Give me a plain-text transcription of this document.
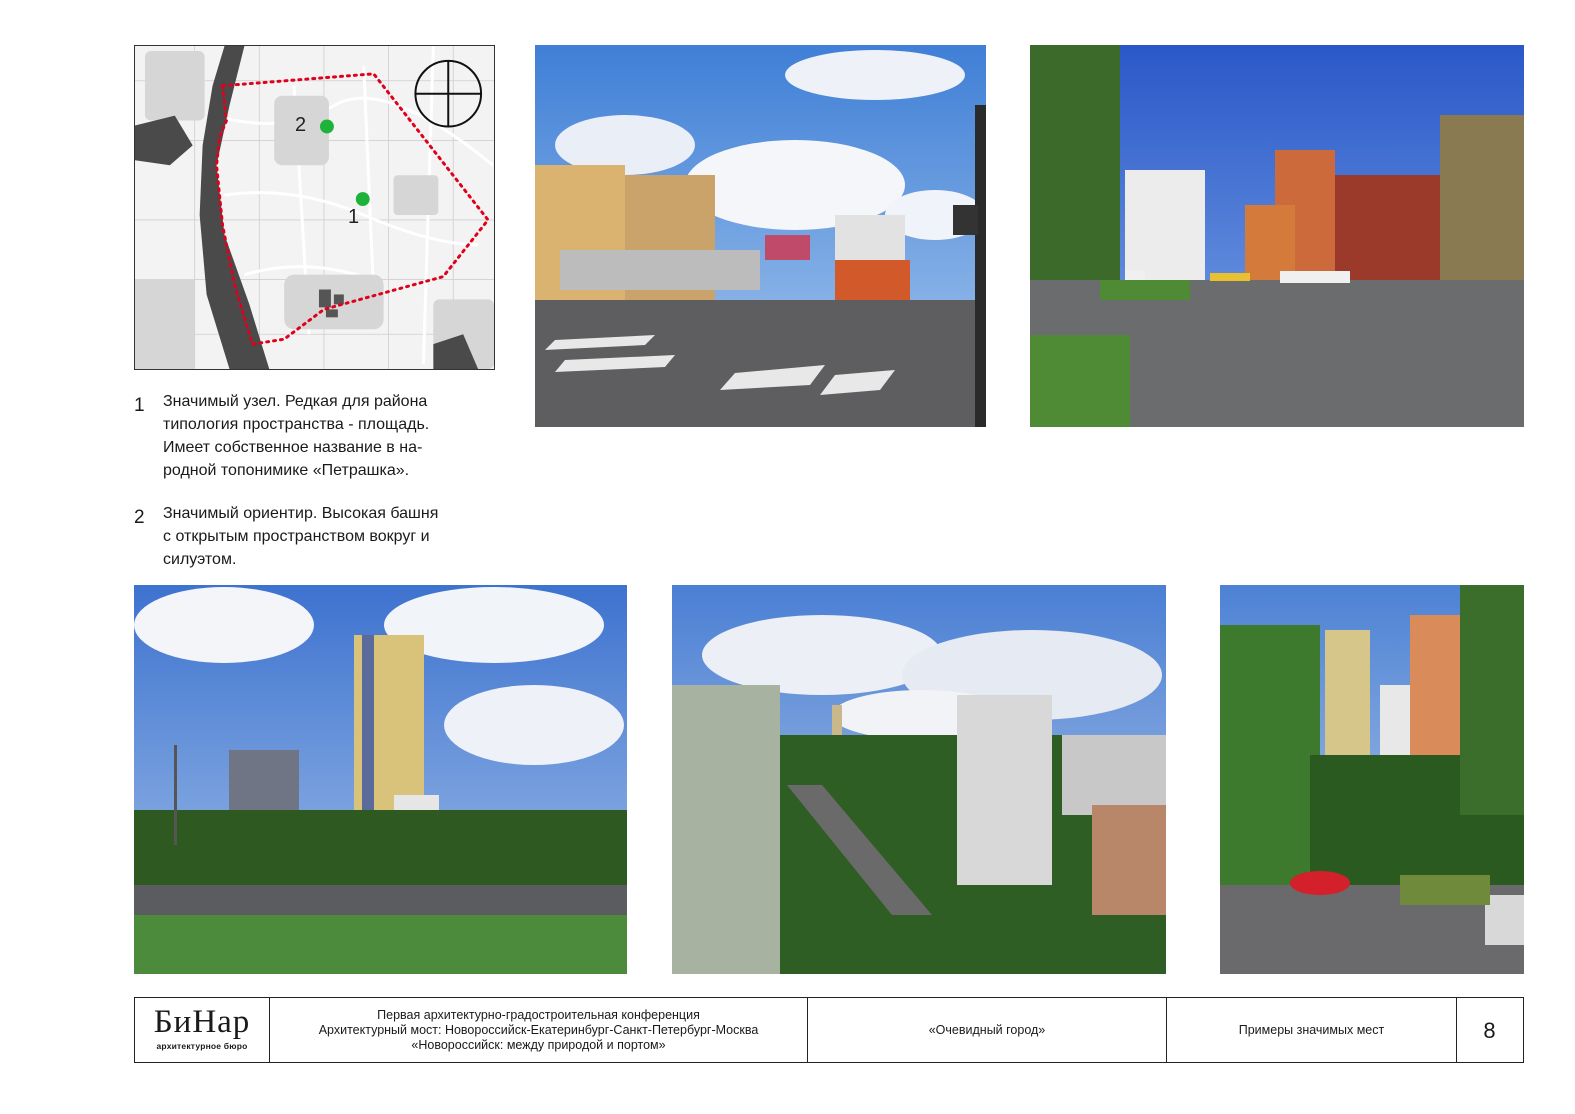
2
1
1 Значимый узел. Редкая для района
типология пространства - площадь.
Имеет собственное название в на-
родной топонимике «Петрашка».
2 Значимый ориентир. Высокая башня
с открытым пространством вокруг и
силуэтом.
БиНар
архитектурное бюро
Первая архитектурно-градостроительная конференция
Архитектурный мост: Новороссийск-Екатеринбург-Санкт-Петербург-Москва
«Новороссийск: между природой и портом»
«Очевидный город»	Примеры значимых мест	8
